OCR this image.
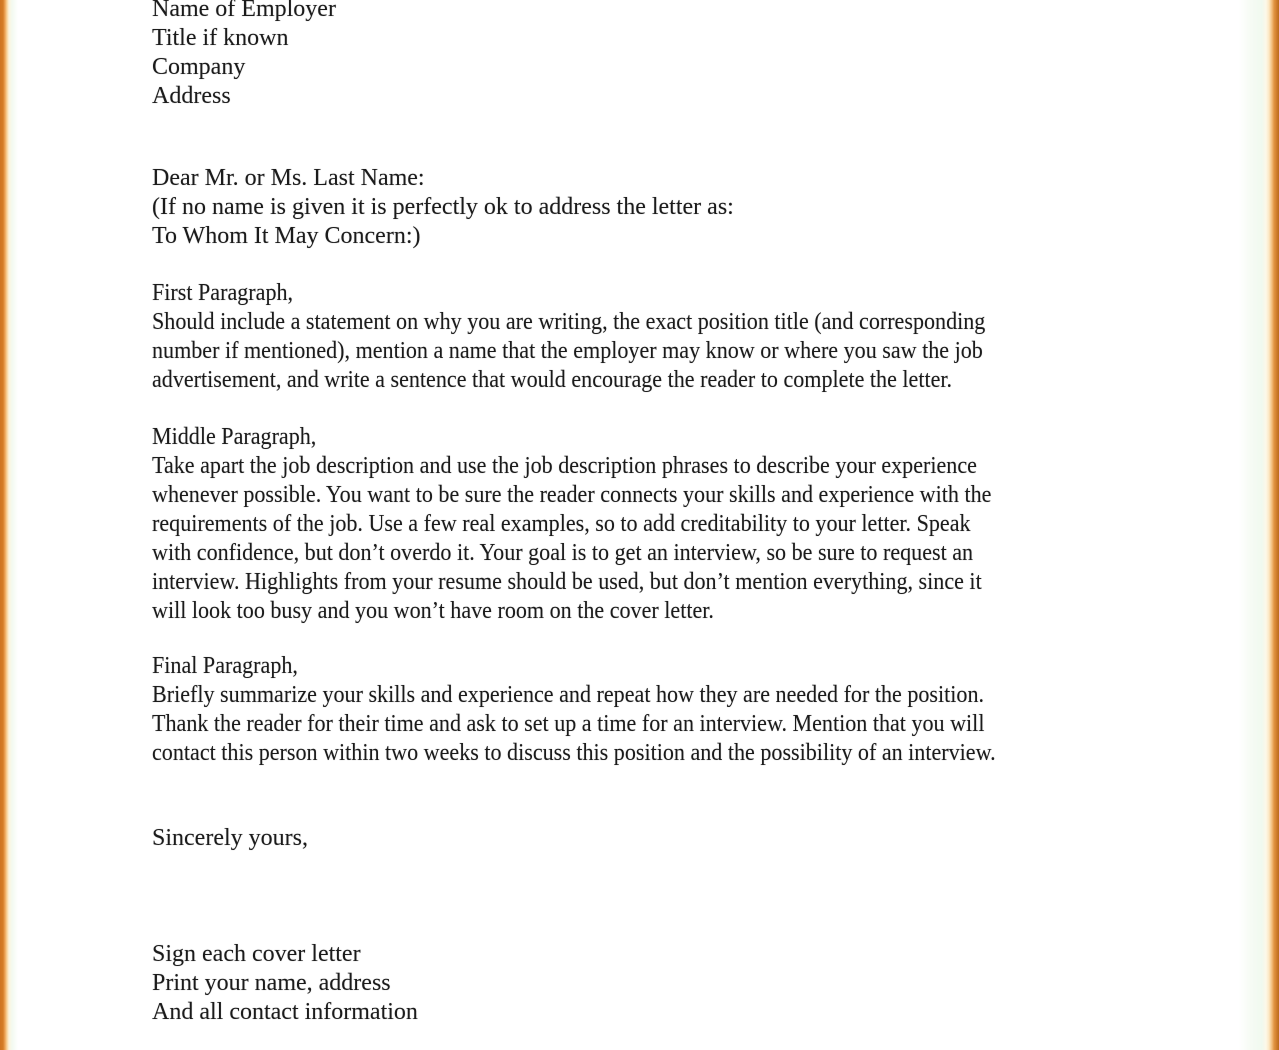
Name of Employer
Title if known
Company
Address
Dear Mr. or Ms. Last Name:
(If no name is given it is perfectly ok to address the letter as:
To Whom It May Concern:)
First Paragraph,
Should include a statement on why you are writing, the exact position title (and corresponding
number if mentioned), mention a name that the employer may know or where you saw the job
advertisement, and write a sentence that would encourage the reader to complete the letter.
Middle Paragraph,
Take apart the job description and use the job description phrases to describe your experience
whenever possible. You want to be sure the reader connects your skills and experience with the
requirements of the job. Use a few real examples, so to add creditability to your letter. Speak
with confidence, but don’t overdo it. Your goal is to get an interview, so be sure to request an
interview. Highlights from your resume should be used, but don’t mention everything, since it
will look too busy and you won’t have room on the cover letter.
Final Paragraph,
Briefly summarize your skills and experience and repeat how they are needed for the position.
Thank the reader for their time and ask to set up a time for an interview. Mention that you will
contact this person within two weeks to discuss this position and the possibility of an interview.
Sincerely yours,
Sign each cover letter
Print your name, address
And all contact information
